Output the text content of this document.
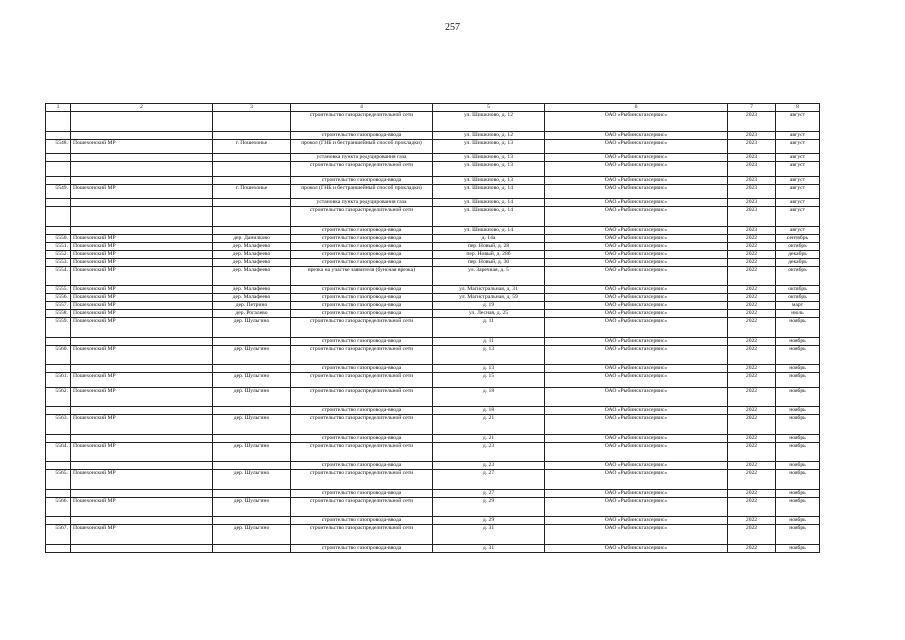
257
1	2	3	4	5	6	7	8
			строительство газораспределительной сети	ул. Шишкново, д. 12	ОАО «Рыбинскгазсервис»	2023	август
			строительство газопровода-ввода	ул. Шишкново, д. 12	ОАО «Рыбинскгазсервис»	2023	август
5548.	Пошехонский МР	г. Пошехонье	прокол (ГНБ и бестраншейный способ прокладки)	ул. Шишкново, д. 13	ОАО «Рыбинскгазсервис»	2023	август
			установка пункта редуцирования газа	ул. Шишкново, д. 13	ОАО «Рыбинскгазсервис»	2023	август
			строительство газораспределительной сети	ул. Шишкново, д. 13	ОАО «Рыбинскгазсервис»	2023	август
			строительство газопровода-ввода	ул. Шишкново, д. 13	ОАО «Рыбинскгазсервис»	2023	август
5549.	Пошехонский МР	г. Пошехонье	прокол (ГНБ и бестраншейный способ прокладки)	ул. Шишкново, д. 14	ОАО «Рыбинскгазсервис»	2023	август
			установка пункта редуцирования газа	ул. Шишкново, д. 14	ОАО «Рыбинскгазсервис»	2023	август
			строительство газораспределительной сети	ул. Шишкново, д. 14	ОАО «Рыбинскгазсервис»	2023	август
			строительство газопровода-ввода	ул. Шишкново, д. 14	ОАО «Рыбинскгазсервис»	2023	август
5550.	Пошехонский МР	дер. Данилково	строительство газопровода-ввода	д. 14а	ОАО «Рыбинскгазсервис»	2022	сентябрь
5551.	Пошехонский МР	дер. Малафеево	строительство газопровода-ввода	пер. Новый, д. 28	ОАО «Рыбинскгазсервис»	2022	октябрь
5552.	Пошехонский МР	дер. Малафеево	строительство газопровода-ввода	пер. Новый, д. 28б	ОАО «Рыбинскгазсервис»	2022	декабрь
5553.	Пошехонский МР	дер. Малафеево	строительство газопровода-ввода	пер. Новый, д. 30	ОАО «Рыбинскгазсервис»	2022	декабрь
5554.	Пошехонский МР	дер. Малафеево	врезка на участке заявителя (бунсная врезка)	ул. Заречная, д. 5	ОАО «Рыбинскгазсервис»	2022	октябрь
5555.	Пошехонский МР	дер. Малафеево	строительство газопровода-ввода	ул. Магистральная, д. 31	ОАО «Рыбинскгазсервис»	2022	октябрь
5556.	Пошехонский МР	дер. Малафеево	строительство газопровода-ввода	ул. Магистральная, д. 59	ОАО «Рыбинскгазсервис»	2022	октябрь
5557.	Пошехонский МР	дер. Петрино	строительство газопровода-ввода	д. 19	ОАО «Рыбинскгазсервис»	2022	март
5558.	Пошехонский МР	дер. Рогалево	строительство газопровода-ввода	ул. Лесная, д. 25	ОАО «Рыбинскгазсервис»	2022	июль
5559.	Пошехонский МР	дер. Шульгино	строительство газораспределительной сети	д. 11	ОАО «Рыбинскгазсервис»	2022	ноябрь
			строительство газопровода-ввода	д. 11	ОАО «Рыбинскгазсервис»	2022	ноябрь
5560.	Пошехонский МР	дер. Шульгино	строительство газораспределительной сети	д. 13	ОАО «Рыбинскгазсервис»	2022	ноябрь
			строительство газопровода-ввода	д. 13	ОАО «Рыбинскгазсервис»	2022	ноябрь
5561.	Пошехонский МР	дер. Шульгино	строительство газораспределительной сети	д. 15	ОАО «Рыбинскгазсервис»	2022	ноябрь
5562.	Пошехонский МР	дер. Шульгино	строительство газораспределительной сети	д. 18	ОАО «Рыбинскгазсервис»	2022	ноябрь
			строительство газопровода-ввода	д. 18	ОАО «Рыбинскгазсервис»	2022	ноябрь
5563.	Пошехонский МР	дер. Шульгино	строительство газораспределительной сети	д. 21	ОАО «Рыбинскгазсервис»	2022	ноябрь
			строительство газопровода-ввода	д. 21	ОАО «Рыбинскгазсервис»	2022	ноябрь
5564.	Пошехонский МР	дер. Шульгино	строительство газораспределительной сети	д. 23	ОАО «Рыбинскгазсервис»	2022	ноябрь
			строительство газопровода-ввода	д. 23	ОАО «Рыбинскгазсервис»	2022	ноябрь
5565.	Пошехонский МР	дер. Шульгино	строительство газораспределительной сети	д. 27	ОАО «Рыбинскгазсервис»	2022	ноябрь
			строительство газопровода-ввода	д. 27	ОАО «Рыбинскгазсервис»	2022	ноябрь
5566.	Пошехонский МР	дер. Шульгино	строительство газораспределительной сети	д. 29	ОАО «Рыбинскгазсервис»	2022	ноябрь
			строительство газопровода-ввода	д. 29	ОАО «Рыбинскгазсервис»	2022	ноябрь
5567.	Пошехонский МР	дер. Шульгино	строительство газораспределительной сети	д. 31	ОАО «Рыбинскгазсервис»	2022	ноябрь
			строительство газопровода-ввода	д. 31	ОАО «Рыбинскгазсервис»	2022	ноябрь
